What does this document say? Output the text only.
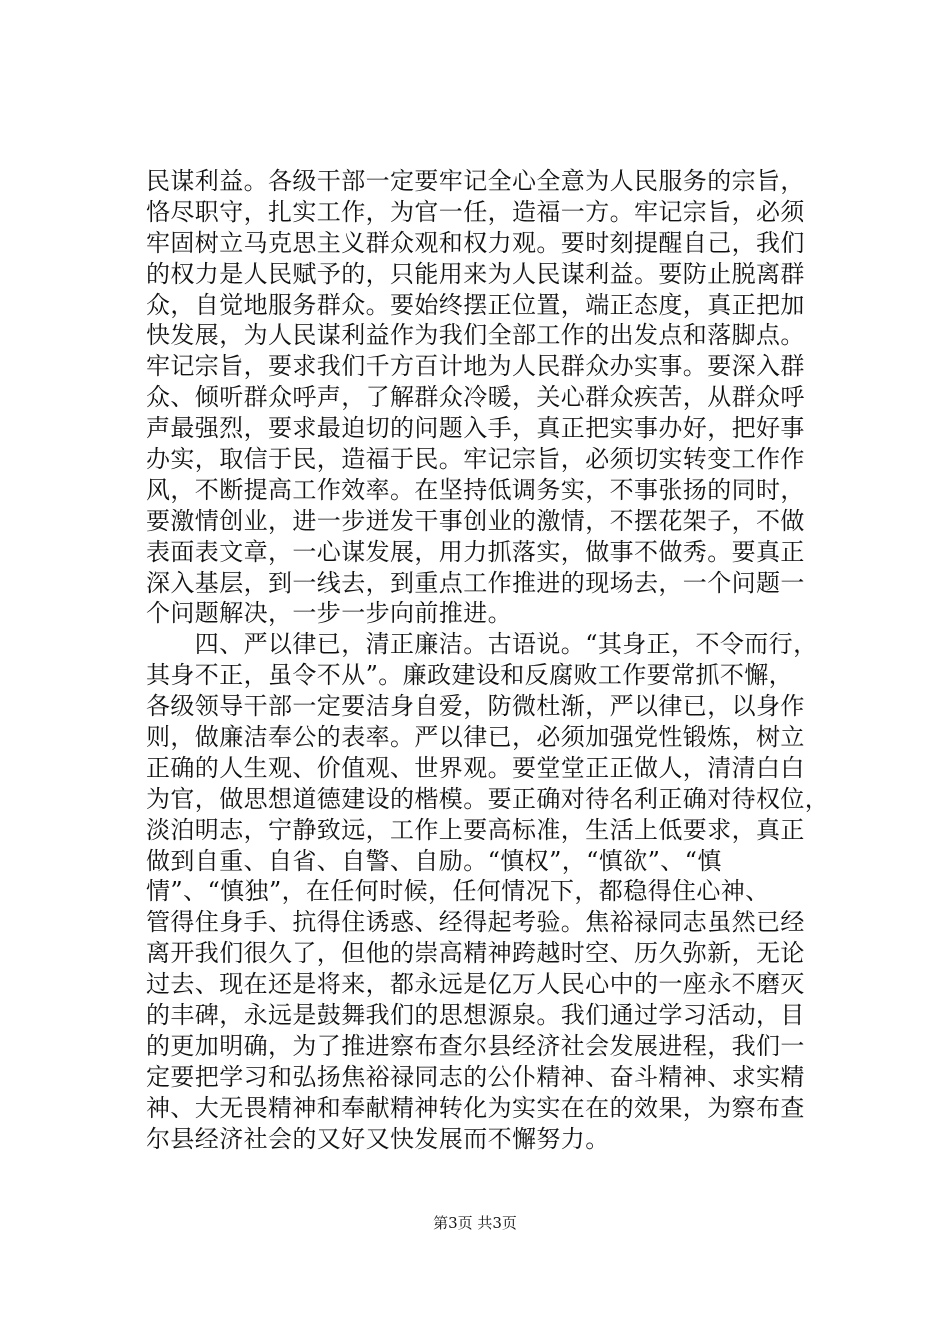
民谋利益。各级干部一定要牢记全心全意为人民服务的宗旨，
恪尽职守，扎实工作，为官一任，造福一方。牢记宗旨，必须
牢固树立马克思主义群众观和权力观。要时刻提醒自己，我们
的权力是人民赋予的，只能用来为人民谋利益。要防止脱离群
众，自觉地服务群众。要始终摆正位置，端正态度，真正把加
快发展，为人民谋利益作为我们全部工作的出发点和落脚点。
牢记宗旨，要求我们千方百计地为人民群众办实事。要深入群
众、倾听群众呼声，了解群众冷暖，关心群众疾苦，从群众呼
声最强烈，要求最迫切的问题入手，真正把实事办好，把好事
办实，取信于民，造福于民。牢记宗旨，必须切实转变工作作
风，不断提高工作效率。在坚持低调务实，不事张扬的同时，
要激情创业，进一步迸发干事创业的激情，不摆花架子，不做
表面表文章，一心谋发展，用力抓落实，做事不做秀。要真正
深入基层，到一线去，到重点工作推进的现场去，一个问题一
个问题解决，一步一步向前推进。
　　四、严以律已，清正廉洁。古语说。“其身正，不令而行，
其身不正，虽令不从”。廉政建设和反腐败工作要常抓不懈，
各级领导干部一定要洁身自爱，防微杜渐，严以律已，以身作
则，做廉洁奉公的表率。严以律已，必须加强党性锻炼，树立
正确的人生观、价值观、世界观。要堂堂正正做人，清清白白
为官，做思想道德建设的楷模。要正确对待名利正确对待权位，
淡泊明志，宁静致远，工作上要高标准，生活上低要求，真正
做到自重、自省、自警、自励。“慎权”，“慎欲”、“慎
情”、“慎独”，在任何时候，任何情况下，都稳得住心神、
管得住身手、抗得住诱惑、经得起考验。焦裕禄同志虽然已经
离开我们很久了，但他的崇高精神跨越时空、历久弥新，无论
过去、现在还是将来，都永远是亿万人民心中的一座永不磨灭
的丰碑，永远是鼓舞我们的思想源泉。我们通过学习活动，目
的更加明确，为了推进察布查尔县经济社会发展进程，我们一
定要把学习和弘扬焦裕禄同志的公仆精神、奋斗精神、求实精
神、大无畏精神和奉献精神转化为实实在在的效果，为察布查
尔县经济社会的又好又快发展而不懈努力。
第3页 共3页
